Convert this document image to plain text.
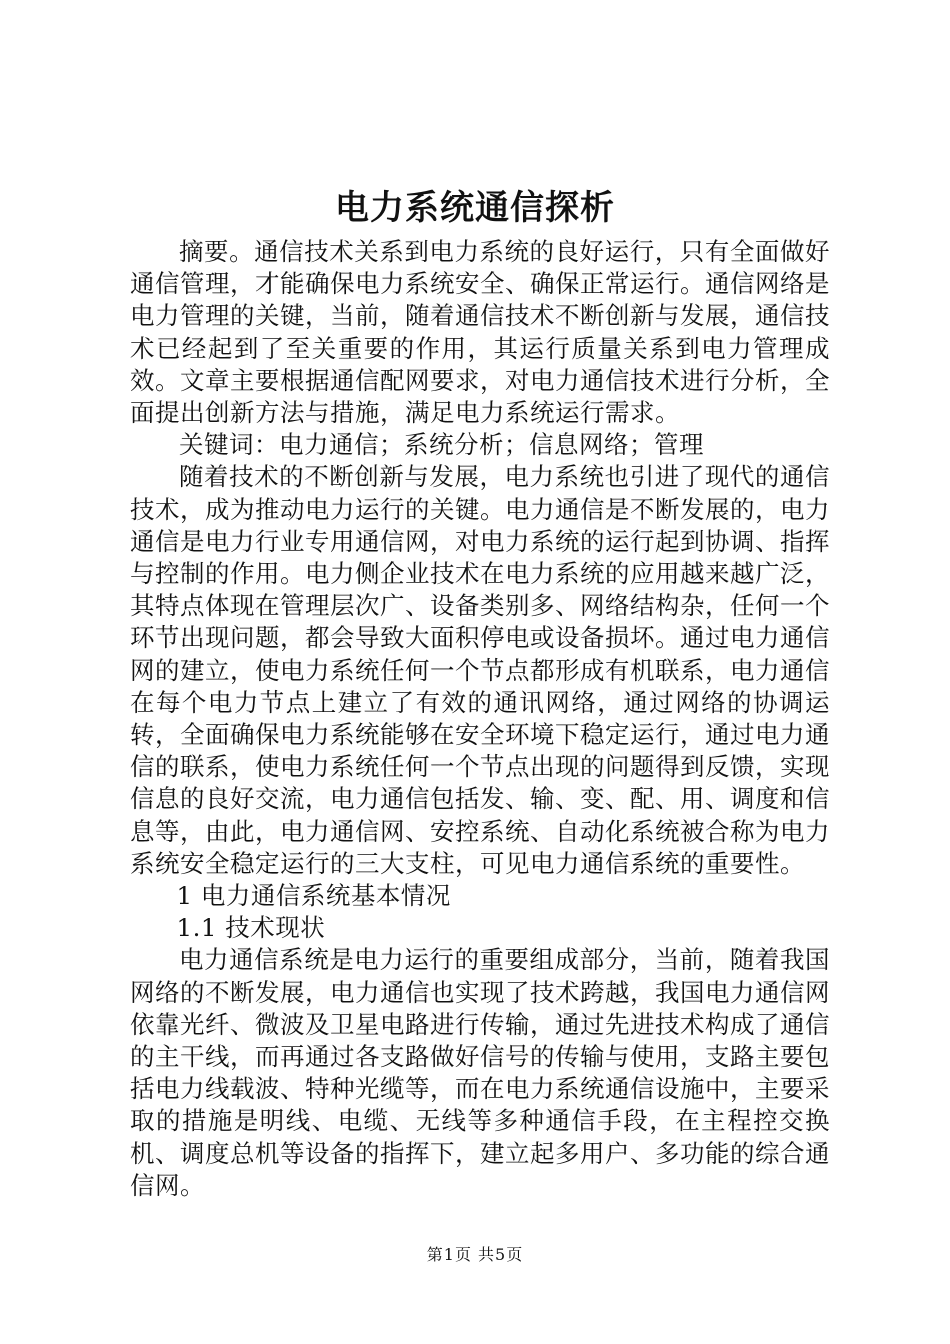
电力系统通信探析

摘要。通信技术关系到电力系统的良好运行，只有全面做好通信管理，才能确保电力系统安全、确保正常运行。通信网络是电力管理的关键，当前，随着通信技术不断创新与发展，通信技术已经起到了至关重要的作用，其运行质量关系到电力管理成效。文章主要根据通信配网要求，对电力通信技术进行分析，全面提出创新方法与措施，满足电力系统运行需求。

关键词：电力通信；系统分析；信息网络；管理

随着技术的不断创新与发展，电力系统也引进了现代的通信技术，成为推动电力运行的关键。电力通信是不断发展的，电力通信是电力行业专用通信网，对电力系统的运行起到协调、指挥与控制的作用。电力侧企业技术在电力系统的应用越来越广泛，其特点体现在管理层次广、设备类别多、网络结构杂，任何一个环节出现问题，都会导致大面积停电或设备损坏。通过电力通信网的建立，使电力系统任何一个节点都形成有机联系，电力通信在每个电力节点上建立了有效的通讯网络，通过网络的协调运转，全面确保电力系统能够在安全环境下稳定运行，通过电力通信的联系，使电力系统任何一个节点出现的问题得到反馈，实现信息的良好交流，电力通信包括发、输、变、配、用、调度和信息等，由此，电力通信网、安控系统、自动化系统被合称为电力系统安全稳定运行的三大支柱，可见电力通信系统的重要性。

1 电力通信系统基本情况

1.1 技术现状

电力通信系统是电力运行的重要组成部分，当前，随着我国网络的不断发展，电力通信也实现了技术跨越，我国电力通信网依靠光纤、微波及卫星电路进行传输，通过先进技术构成了通信的主干线，而再通过各支路做好信号的传输与使用，支路主要包括电力线载波、特种光缆等，而在电力系统通信设施中，主要采取的措施是明线、电缆、无线等多种通信手段，在主程控交换机、调度总机等设备的指挥下，建立起多用户、多功能的综合通信网。

第1页 共5页
